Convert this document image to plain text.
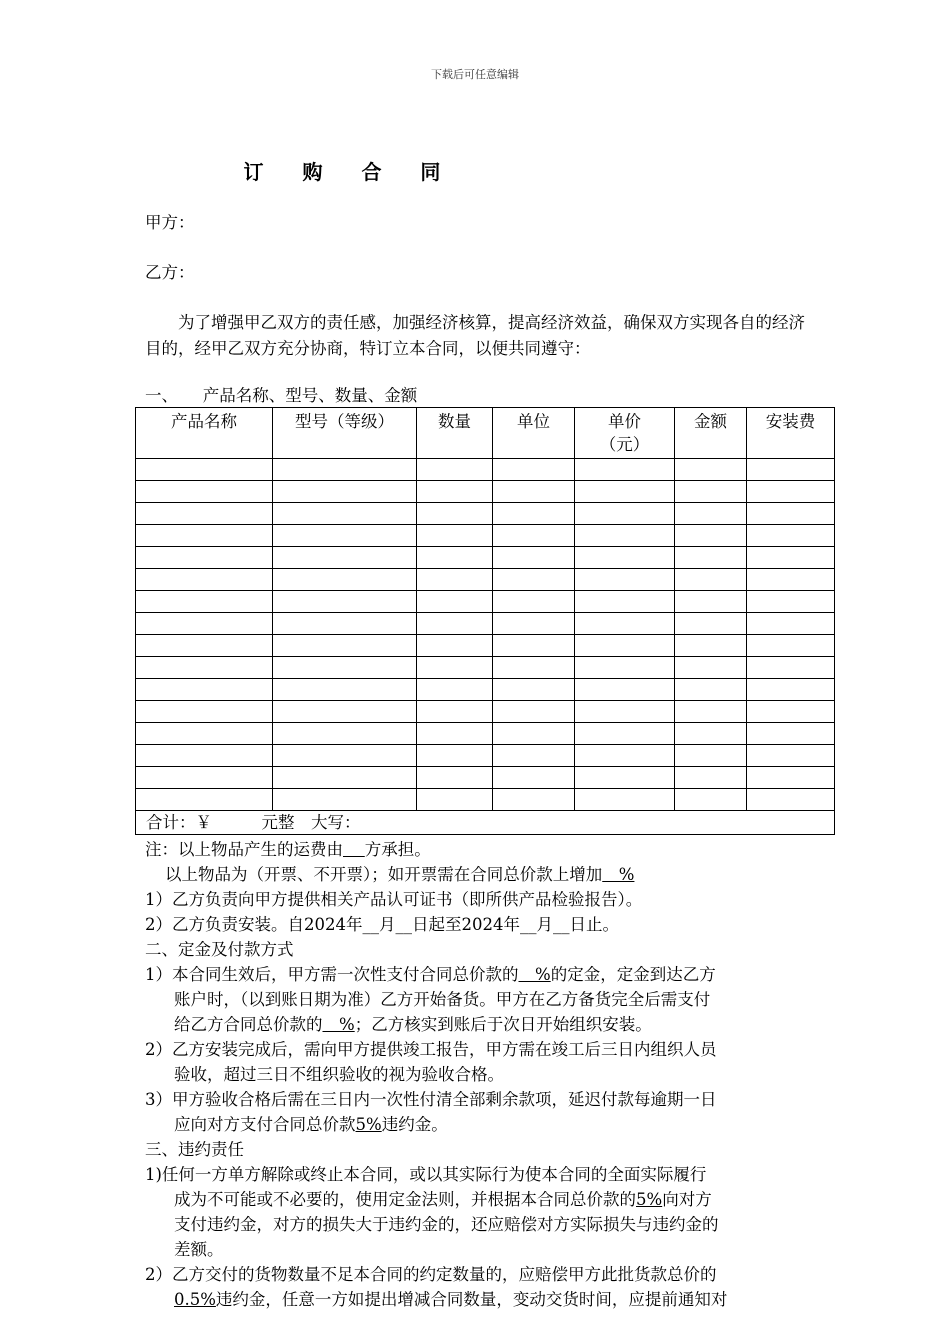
下载后可任意编辑
订 购 合 同
甲方：
乙方：
为了增强甲乙双方的责任感，加强经济核算，提高经济效益，确保双方实现各自的经济目的，经甲乙双方充分协商，特订立本合同，以便共同遵守：
一、　　产品名称、型号、数量、金额
产品名称	型号（等级）	数量	单位	单价（元）	金额	安装费

合计：￥　　　元整　大写：						
注：以上物品产生的运费由　 方承担。
以上物品为（开票、不开票）；如开票需在合同总价款上增加　%
1）乙方负责向甲方提供相关产品认可证书（即所供产品检验报告）。
2）乙方负责安装。自2024年__月__日起至2024年__月__日止。
二、定金及付款方式
1）本合同生效后，甲方需一次性支付合同总价款的　%的定金，定金到达乙方
账户时，（以到账日期为准）乙方开始备货。甲方在乙方备货完全后需支付
给乙方合同总价款的　%；乙方核实到账后于次日开始组织安装。
2）乙方安装完成后，需向甲方提供竣工报告，甲方需在竣工后三日内组织人员
验收，超过三日不组织验收的视为验收合格。
3）甲方验收合格后需在三日内一次性付清全部剩余款项，延迟付款每逾期一日
应向对方支付合同总价款5%违约金。
三、违约责任
1)任何一方单方解除或终止本合同，或以其实际行为使本合同的全面实际履行
成为不可能或不必要的，使用定金法则，并根据本合同总价款的5%向对方
支付违约金，对方的损失大于违约金的，还应赔偿对方实际损失与违约金的
差额。
2）乙方交付的货物数量不足本合同的约定数量的，应赔偿甲方此批货款总价的
0.5%违约金，任意一方如提出增减合同数量，变动交货时间，应提前通知对
